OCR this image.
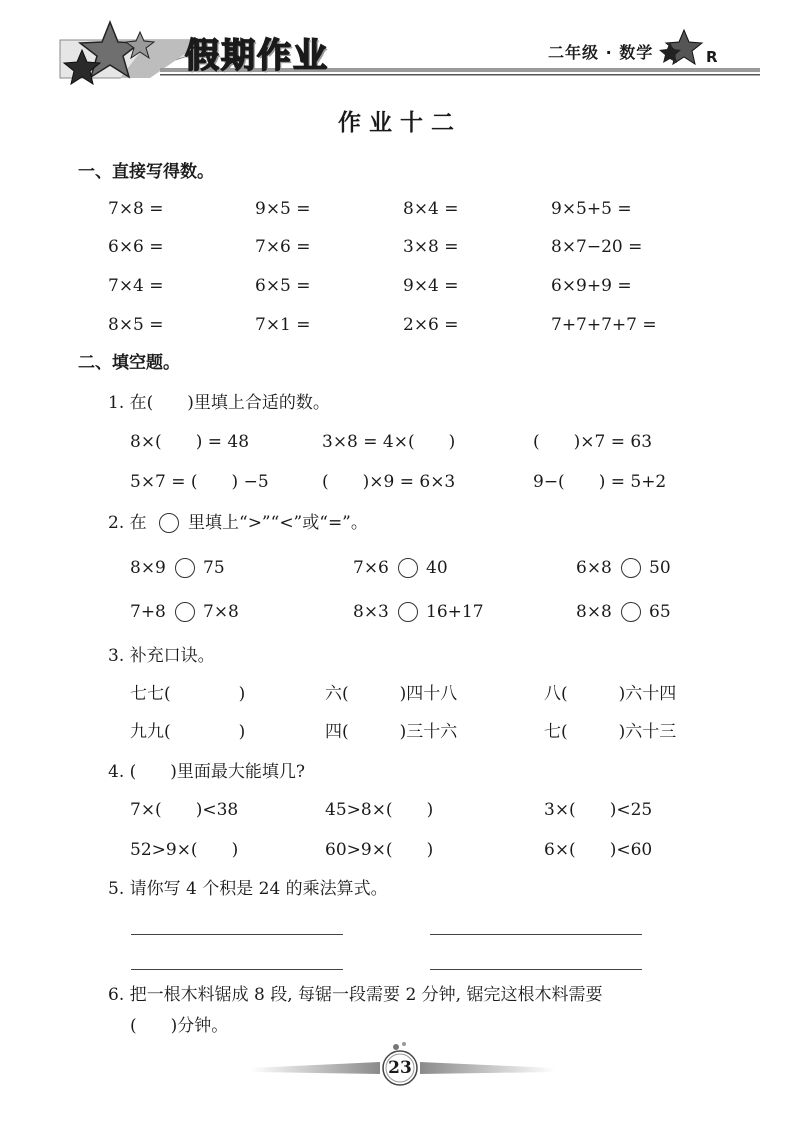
假期作业	二年级 · 数学	R
作业十二
一、直接写得数。
7×8 =	9×5 =	8×4 =	9×5+5 =
6×6 =	7×6 =	3×8 =	8×7−20 =
7×4 =	6×5 =	9×4 =	6×9+9 =
8×5 =	7×1 =	2×6 =	7+7+7+7 =
二、填空题。
1. 在(　　)里填上合适的数。
8×(　　) = 48	3×8 = 4×(　　)	(　　)×7 = 63
5×7 = (　　) −5	(　　)×9 = 6×3	9−(　　) = 5+2
2. 在 里填上“>”“<”或“=”。
8×9 75	7×6 40	6×8 50
7+8 7×8	8×3 16+17	8×8 65
3. 补充口诀。
七七(　　　　)	六(　　　)四十八	八(　　　)六十四
九九(　　　　)	四(　　　)三十六	七(　　　)六十三
4. (　　)里面最大能填几?
7×(　　)<38	45>8×(　　)	3×(　　)<25
52>9×(　　)	60>9×(　　)	6×(　　)<60
5. 请你写 4 个积是 24 的乘法算式。
6. 把一根木料锯成 8 段, 每锯一段需要 2 分钟, 锯完这根木料需要
(　　)分钟。
23
